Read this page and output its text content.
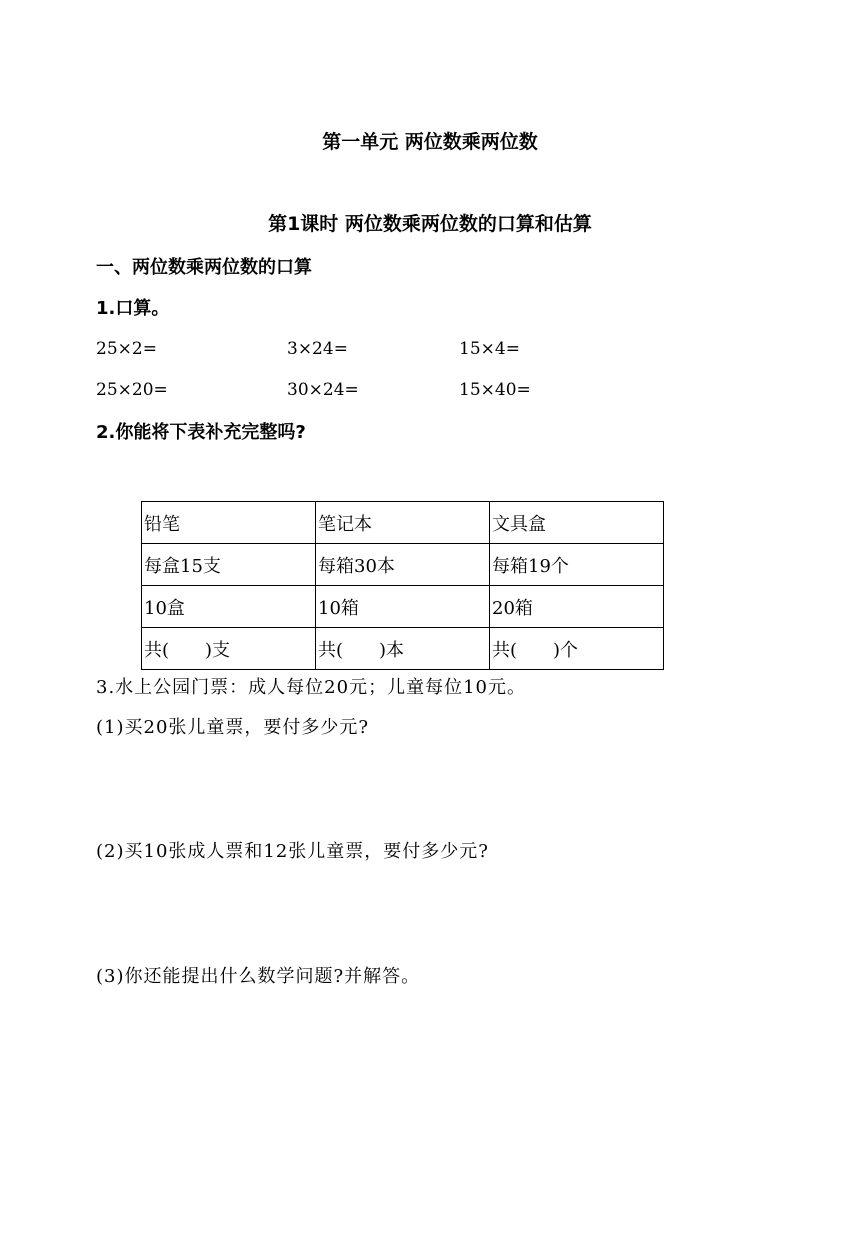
第一单元 两位数乘两位数
第1课时 两位数乘两位数的口算和估算
一、两位数乘两位数的口算
1.口算。
25×2=	3×24=	15×4=
25×20=	30×24=	15×40=
2.你能将下表补充完整吗?
铅笔	笔记本	文具盒
每盒15支	每箱30本	每箱19个
10盒	10箱	20箱
共(　　)支	共(　　)本	共(　　)个
3.水上公园门票：成人每位20元；儿童每位10元。
(1)买20张儿童票，要付多少元?
(2)买10张成人票和12张儿童票，要付多少元?
(3)你还能提出什么数学问题?并解答。
